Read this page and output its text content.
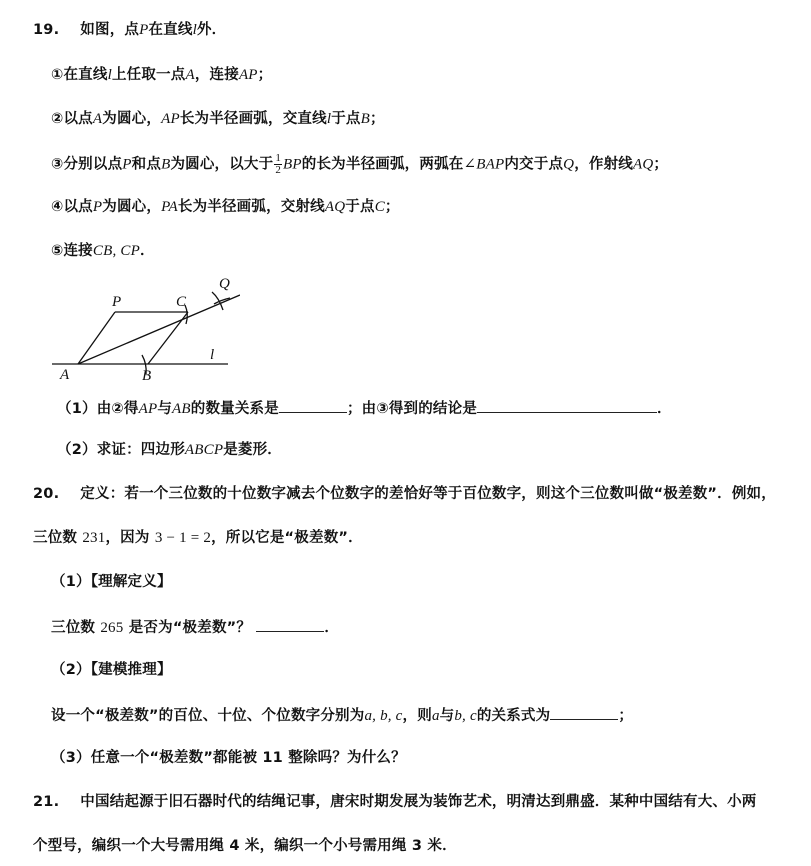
19. 如图，点P在直线l外．
①在直线l上任取一点A，连接AP；
②以点A为圆心，AP长为半径画弧，交直线l于点B；
③分别以点P和点B为圆心，以大于 $\frac{1}{2}$ BP的长为半径画弧，两弧在∠BAP内交于点Q，作射线AQ；
④以点P为圆心，PA长为半径画弧，交射线AQ于点C；
⑤连接CB, CP．
P	C
Q
A	B
l
（1）由②得AP与AB的数量关系是	；由③得到的结论是	．
（2）求证：四边形ABCP是菱形．
20. 定义：若一个三位数的十位数字减去个位数字的差恰好等于百位数字，则这个三位数叫做“极差数”．例如，
三位数 231，因为 3 − 1 = 2，所以它是“极差数”．
（1）【理解定义】
三位数 265 是否为“极差数”？	．
（2）【建模推理】
设一个“极差数”的百位、十位、个位数字分别为a, b, c，则a与b, c的关系式为	；
（3）任意一个“极差数”都能被 11 整除吗？为什么？
21. 中国结起源于旧石器时代的结绳记事，唐宋时期发展为装饰艺术，明清达到鼎盛．某种中国结有大、小两
个型号，编织一个大号需用绳 4 米，编织一个小号需用绳 3 米．
